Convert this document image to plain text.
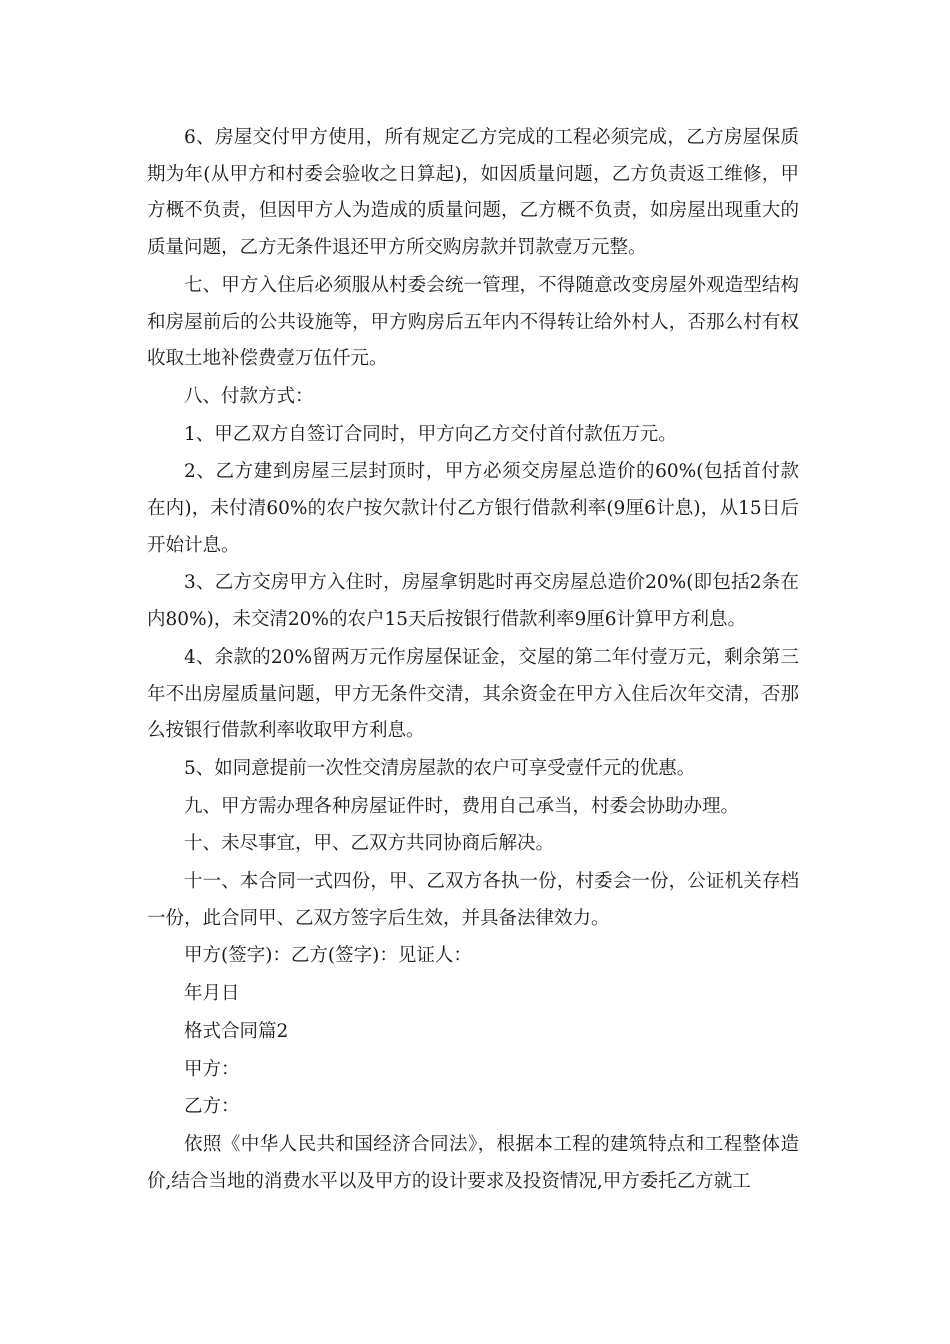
6、房屋交付甲方使用，所有规定乙方完成的工程必须完成，乙方房屋保质期为年(从甲方和村委会验收之日算起)，如因质量问题，乙方负责返工维修，甲方概不负责，但因甲方人为造成的质量问题，乙方概不负责，如房屋出现重大的质量问题，乙方无条件退还甲方所交购房款并罚款壹万元整。

七、甲方入住后必须服从村委会统一管理，不得随意改变房屋外观造型结构和房屋前后的公共设施等，甲方购房后五年内不得转让给外村人，否那么村有权收取土地补偿费壹万伍仟元。

八、付款方式：

1、甲乙双方自签订合同时，甲方向乙方交付首付款伍万元。

2、乙方建到房屋三层封顶时，甲方必须交房屋总造价的60%(包括首付款在内)，未付清60%的农户按欠款计付乙方银行借款利率(9厘6计息)，从15日后开始计息。

3、乙方交房甲方入住时，房屋拿钥匙时再交房屋总造价20%(即包括2条在内80%)，未交清20%的农户15天后按银行借款利率9厘6计算甲方利息。

4、余款的20%留两万元作房屋保证金，交屋的第二年付壹万元，剩余第三年不出房屋质量问题，甲方无条件交清，其余资金在甲方入住后次年交清，否那么按银行借款利率收取甲方利息。

5、如同意提前一次性交清房屋款的农户可享受壹仟元的优惠。

九、甲方需办理各种房屋证件时，费用自己承当，村委会协助办理。

十、未尽事宜，甲、乙双方共同协商后解决。

十一、本合同一式四份，甲、乙双方各执一份，村委会一份，公证机关存档一份，此合同甲、乙双方签字后生效，并具备法律效力。

甲方(签字)：乙方(签字)：见证人：

年月日

格式合同篇2

甲方：

乙方：

依照《中华人民共和国经济合同法》，根据本工程的建筑特点和工程整体造价,结合当地的消费水平以及甲方的设计要求及投资情况,甲方委托乙方就工
